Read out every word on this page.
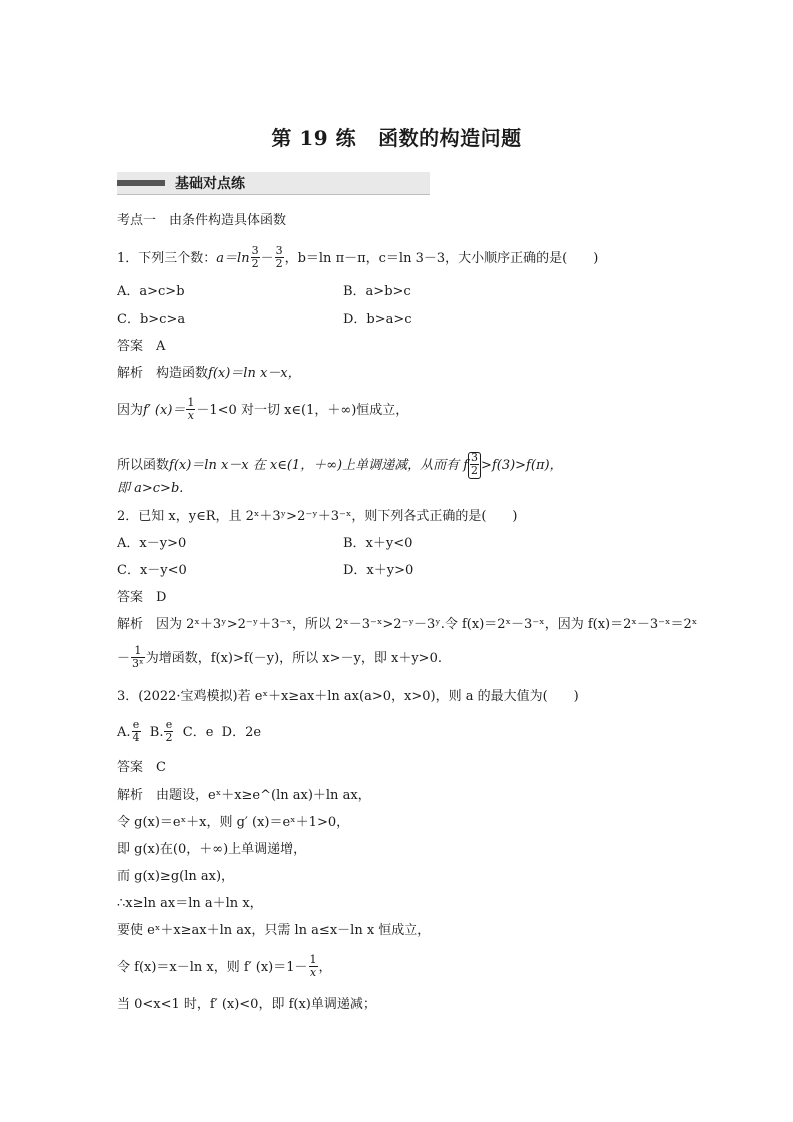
第 19 练 函数的构造问题
基础对点练
考点一　由条件构造具体函数
1．下列三个数：$a=\ln \frac{3}{2} - \frac{3}{2}$ ，b＝ln π－π，c＝ln 3－3，大小顺序正确的是(　　)
A．a>c>b	B．a>b>c
C．b>c>a	D．b>a>c
答案　A
解析　构造函数f(x)＝ln x－x，
因为f′ $(x)= \frac{1}{x} -1<0$ 对一切 x∈(1，＋∞)恒成立，
所以函数f(x)＝ln x－x 在 x∈(1，＋∞)上单调递减，从而有 f $\frac{3}{2} >f(3)>f(\pi)$，
即 a>c>b.
2．已知 x，y∈R，且 2ˣ＋3ʸ>2⁻ʸ＋3⁻ˣ，则下列各式正确的是(　　)
A．x－y>0	B．x＋y<0
C．x－y<0	D．x＋y>0
答案　D
解析　因为 2ˣ＋3ʸ>2⁻ʸ＋3⁻ˣ，所以 2ˣ－3⁻ˣ>2⁻ʸ－3ʸ.令 f(x)＝2ˣ－3⁻ˣ，因为 f(x)＝2ˣ－3⁻ˣ＝2ˣ
－ $\frac{1}{\text{3ˣ}}$ 为增函数，f(x)>f(－y)，所以 x>－y，即 x＋y>0.
3．(2022·宝鸡模拟)若 eˣ＋x≥ax＋ln ax(a>0，x>0)，则 a 的最大值为(　　)
A. $\frac{e}{4} B$. $\frac{e}{2}$ C．e D．2e
答案　C
解析　由题设，eˣ＋x≥e^(ln ax)＋ln ax，
令 g(x)＝eˣ＋x，则 g′ (x)＝eˣ＋1>0，
即 g(x)在(0，＋∞)上单调递增，
而 g(x)≥g(ln ax)，
∴x≥ln ax＝ln a＋ln x，
要使 eˣ＋x≥ax＋ln ax，只需 ln a≤x－ln x 恒成立，
令 f(x)＝x－ln x，则 f′ $(x)=1- \frac{1}{x}$ ，
当 0<x<1 时，f′ (x)<0，即 f(x)单调递减；
